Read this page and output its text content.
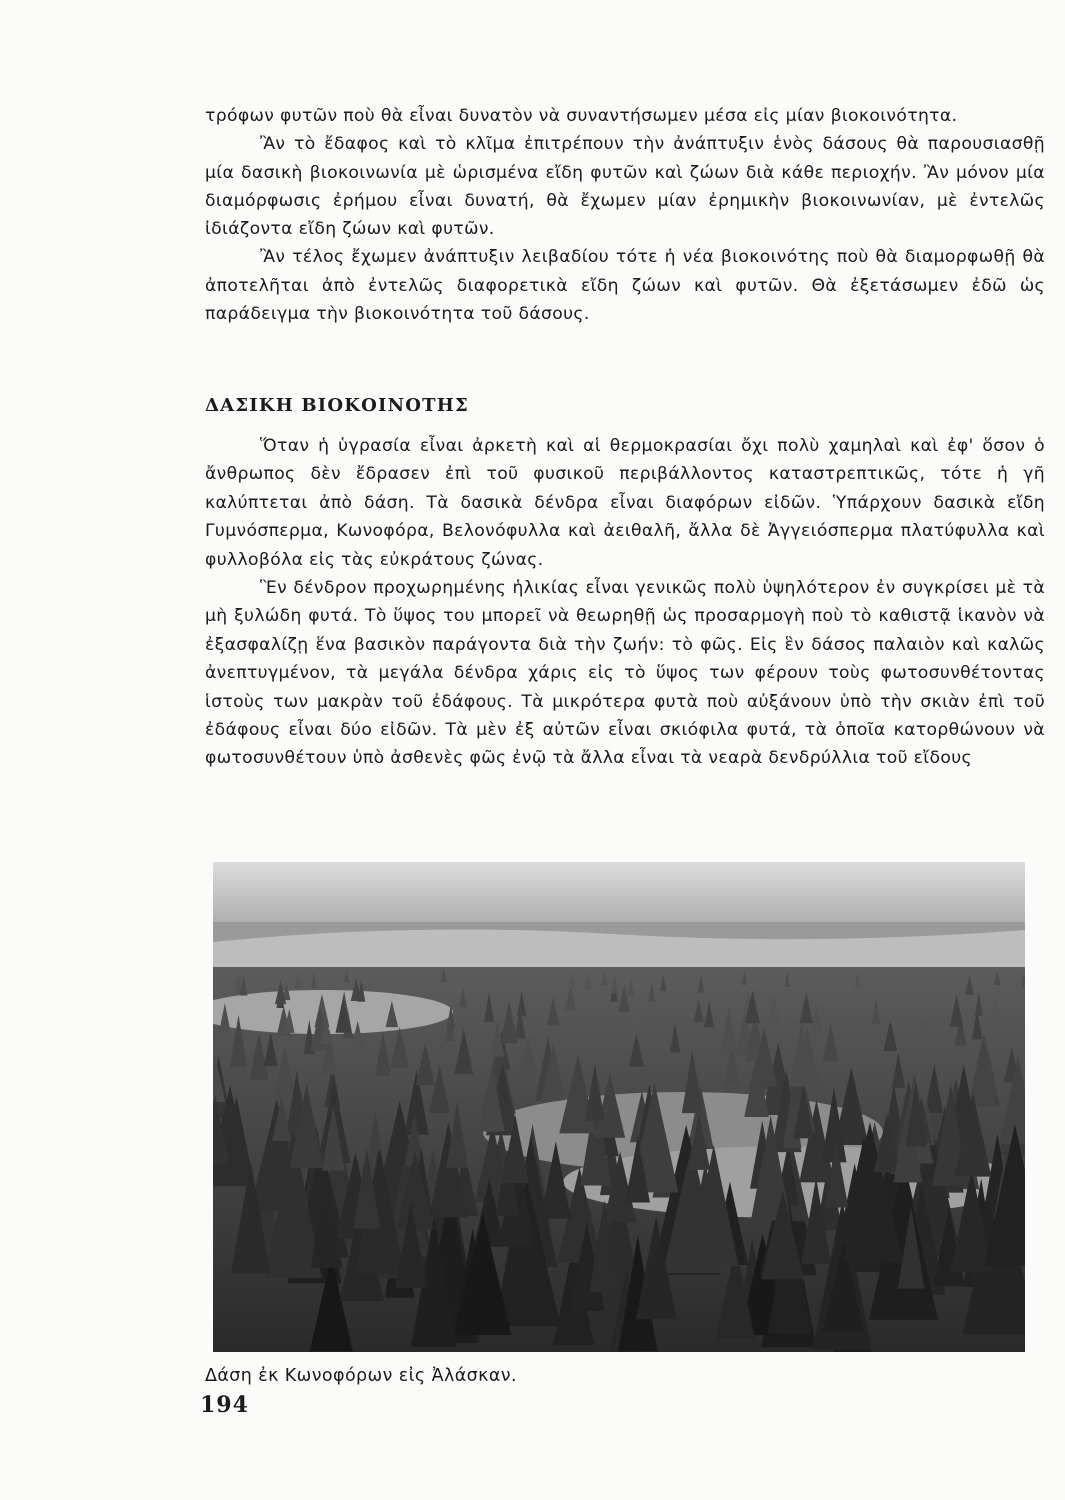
τρόφων φυτῶν ποὺ θὰ εἶναι δυνατὸν νὰ συναντήσωμεν μέσα εἰς μίαν βιοκοινότητα.

Ἂν τὸ ἔδαφος καὶ τὸ κλῖμα ἐπιτρέπουν τὴν ἀνάπτυξιν ἑνὸς δάσους θὰ παρουσιασθῇ μία δασικὴ βιοκοινωνία μὲ ὡρισμένα εἴδη φυτῶν καὶ ζώων διὰ κάθε περιοχήν. Ἂν μόνον μία διαμόρφωσις ἐρήμου εἶναι δυνατή, θὰ ἔχωμεν μίαν ἐρημικὴν βιοκοινωνίαν, μὲ ἐντελῶς ἰδιάζοντα εἴδη ζώων καὶ φυτῶν.

Ἂν τέλος ἔχωμεν ἀνάπτυξιν λειβαδίου τότε ἡ νέα βιοκοινότης ποὺ θὰ διαμορφωθῇ θὰ ἀποτελῆται ἀπὸ ἐντελῶς διαφορετικὰ εἴδη ζώων καὶ φυτῶν. Θὰ ἐξετάσωμεν ἐδῶ ὡς παράδειγμα τὴν βιοκοινότητα τοῦ δάσους.

ΔΑΣΙΚΗ ΒΙΟΚΟΙΝΟΤΗΣ

Ὅταν ἡ ὑγρασία εἶναι ἀρκετὴ καὶ αἱ θερμοκρασίαι ὄχι πολὺ χαμηλαὶ καὶ ἐφ' ὅσον ὁ ἄνθρωπος δὲν ἔδρασεν ἐπὶ τοῦ φυσικοῦ περιβάλλοντος καταστρεπτικῶς, τότε ἡ γῆ καλύπτεται ἀπὸ δάση. Τὰ δασικὰ δένδρα εἶναι διαφόρων εἰδῶν. Ὑπάρχουν δασικὰ εἴδη Γυμνόσπερμα, Κωνοφόρα, Βελονόφυλλα καὶ ἀειθαλῆ, ἄλλα δὲ Ἀγγειόσπερμα πλατύφυλλα καὶ φυλλοβόλα εἰς τὰς εὐκράτους ζώνας.

Ἓν δένδρον προχωρημένης ἡλικίας εἶναι γενικῶς πολὺ ὑψηλότερον ἐν συγκρίσει μὲ τὰ μὴ ξυλώδη φυτά. Τὸ ὕψος του μπορεῖ νὰ θεωρηθῇ ὡς προσαρμογὴ ποὺ τὸ καθιστᾷ ἱκανὸν νὰ ἐξασφαλίζῃ ἕνα βασικὸν παράγοντα διὰ τὴν ζωήν: τὸ φῶς. Εἰς ἓν δάσος παλαιὸν καὶ καλῶς ἀνεπτυγμένον, τὰ μεγάλα δένδρα χάρις εἰς τὸ ὕψος των φέρουν τοὺς φωτοσυνθέτοντας ἱστοὺς των μακρὰν τοῦ ἐδάφους. Τὰ μικρότερα φυτὰ ποὺ αὐξάνουν ὑπὸ τὴν σκιὰν ἐπὶ τοῦ ἐδάφους εἶναι δύο εἰδῶν. Τὰ μὲν ἐξ αὐτῶν εἶναι σκιόφιλα φυτά, τὰ ὁποῖα κατορθώνουν νὰ φωτοσυνθέτουν ὑπὸ ἀσθενὲς φῶς ἐνῷ τὰ ἄλλα εἶναι τὰ νεαρὰ δενδρύλλια τοῦ εἴδους

Δάση ἐκ Κωνοφόρων εἰς Ἀλάσκαν.
194
